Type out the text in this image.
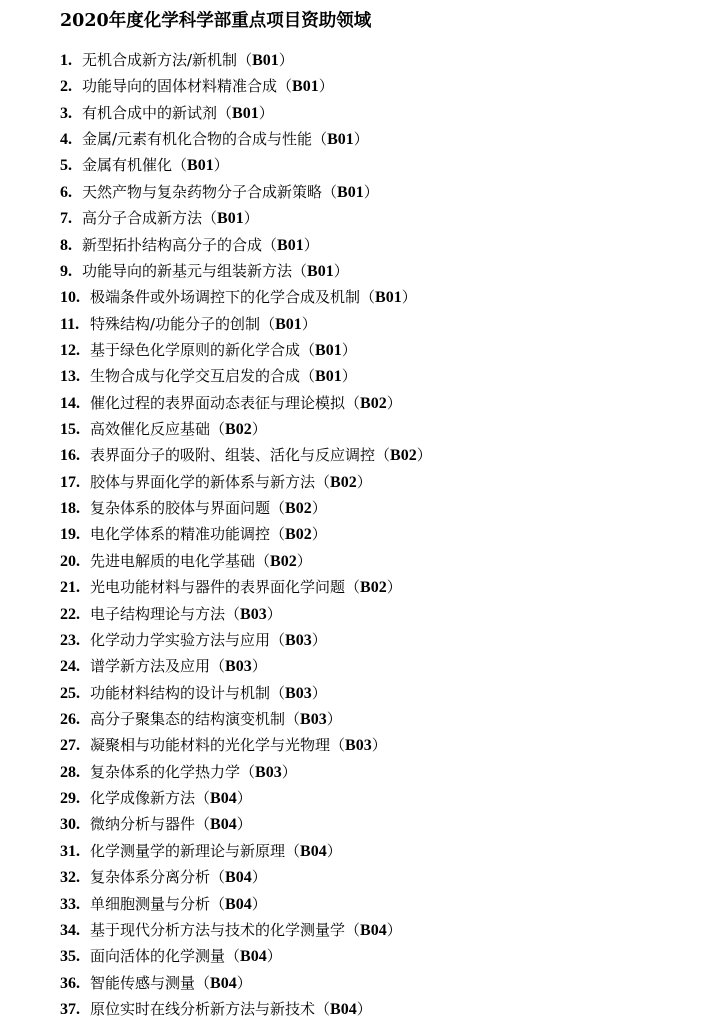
2020年度化学科学部重点项目资助领域
1. 无机合成新方法/新机制（B01）
2. 功能导向的固体材料精准合成（B01）
3. 有机合成中的新试剂（B01）
4. 金属/元素有机化合物的合成与性能（B01）
5. 金属有机催化（B01）
6. 天然产物与复杂药物分子合成新策略（B01）
7. 高分子合成新方法（B01）
8. 新型拓扑结构高分子的合成（B01）
9. 功能导向的新基元与组装新方法（B01）
10. 极端条件或外场调控下的化学合成及机制（B01）
11. 特殊结构/功能分子的创制（B01）
12. 基于绿色化学原则的新化学合成（B01）
13. 生物合成与化学交互启发的合成（B01）
14. 催化过程的表界面动态表征与理论模拟（B02）
15. 高效催化反应基础（B02）
16. 表界面分子的吸附、组装、活化与反应调控（B02）
17. 胶体与界面化学的新体系与新方法（B02）
18. 复杂体系的胶体与界面问题（B02）
19. 电化学体系的精准功能调控（B02）
20. 先进电解质的电化学基础（B02）
21. 光电功能材料与器件的表界面化学问题（B02）
22. 电子结构理论与方法（B03）
23. 化学动力学实验方法与应用（B03）
24. 谱学新方法及应用（B03）
25. 功能材料结构的设计与机制（B03）
26. 高分子聚集态的结构演变机制（B03）
27. 凝聚相与功能材料的光化学与光物理（B03）
28. 复杂体系的化学热力学（B03）
29. 化学成像新方法（B04）
30. 微纳分析与器件（B04）
31. 化学测量学的新理论与新原理（B04）
32. 复杂体系分离分析（B04）
33. 单细胞测量与分析（B04）
34. 基于现代分析方法与技术的化学测量学（B04）
35. 面向活体的化学测量（B04）
36. 智能传感与测量（B04）
37. 原位实时在线分析新方法与新技术（B04）
